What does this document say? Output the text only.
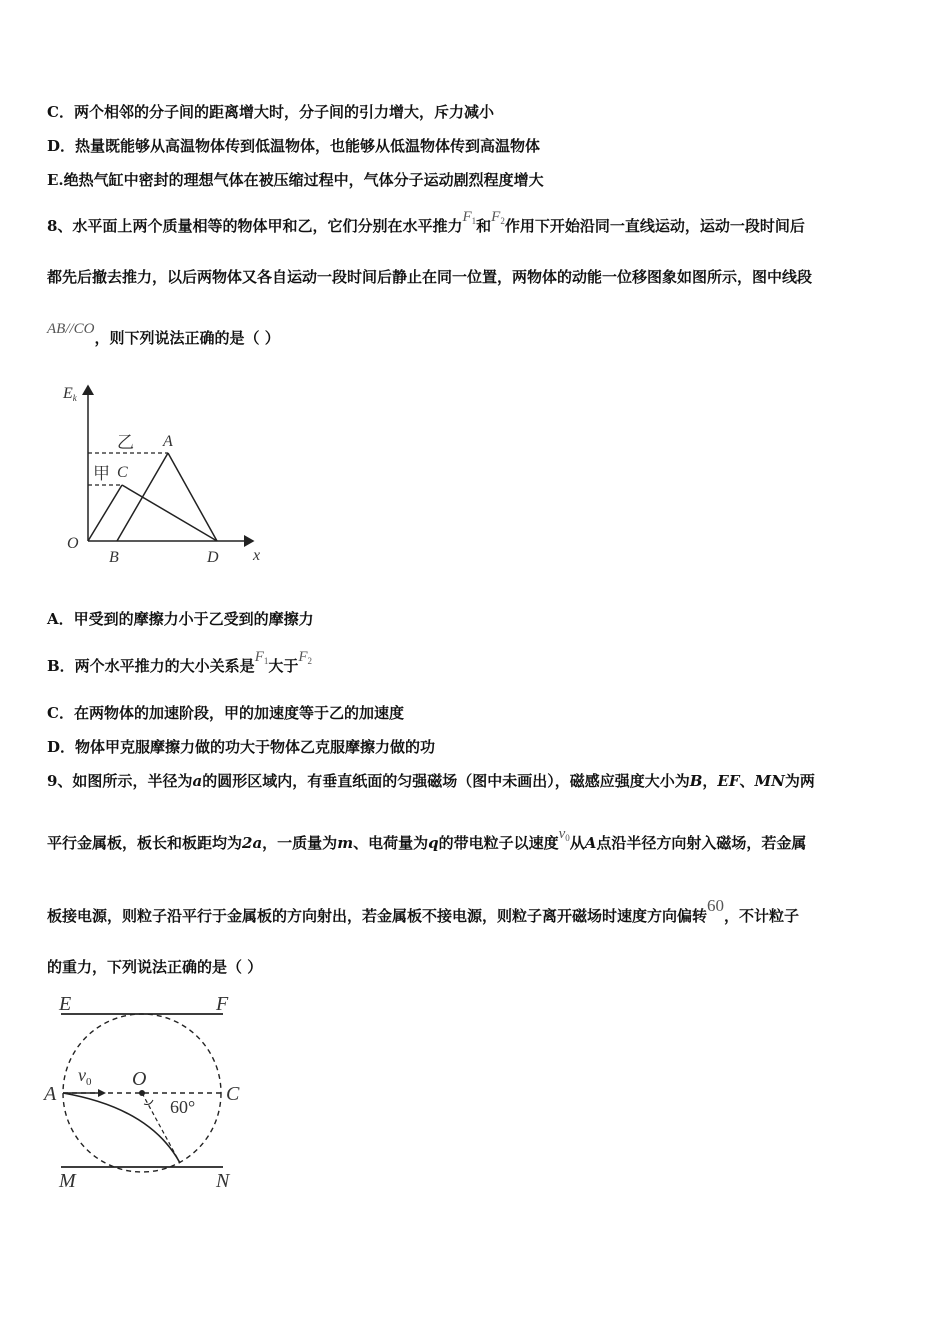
C．两个相邻的分子间的距离增大时，分子间的引力增大，斥力减小
D．热量既能够从高温物体传到低温物体，也能够从低温物体传到高温物体
E.绝热气缸中密封的理想气体在被压缩过程中，气体分子运动剧烈程度增大
8、水平面上两个质量相等的物体甲和乙，它们分别在水平推力$F_1$和$F_2$作用下开始沿同一直线运动，运动一段时间后
都先后撤去推力，以后两物体又各自运动一段时间后静止在同一位置，两物体的动能一位移图象如图所示，图中线段
AB//CO，则下列说法正确的是（ ）
Ek
x
O
乙
甲
A
C
B	D
A．甲受到的摩擦力小于乙受到的摩擦力
B．两个水平推力的大小关系是$F_1$大于$F_2$
C．在两物体的加速阶段，甲的加速度等于乙的加速度
D．物体甲克服摩擦力做的功大于物体乙克服摩擦力做的功
9、如图所示，半径为a的圆形区域内，有垂直纸面的匀强磁场（图中未画出），磁感应强度大小为B，EF、MN为两
平行金属板，板长和板距均为2a，一质量为m、电荷量为q的带电粒子以速度$v_0$从A点沿半径方向射入磁场，若金属
板接电源，则粒子沿平行于金属板的方向射出，若金属板不接电源，则粒子离开磁场时速度方向偏转60，不计粒子
的重力，下列说法正确的是（ ）
E	F
A	C
O
$v_0$
60°
M	N
